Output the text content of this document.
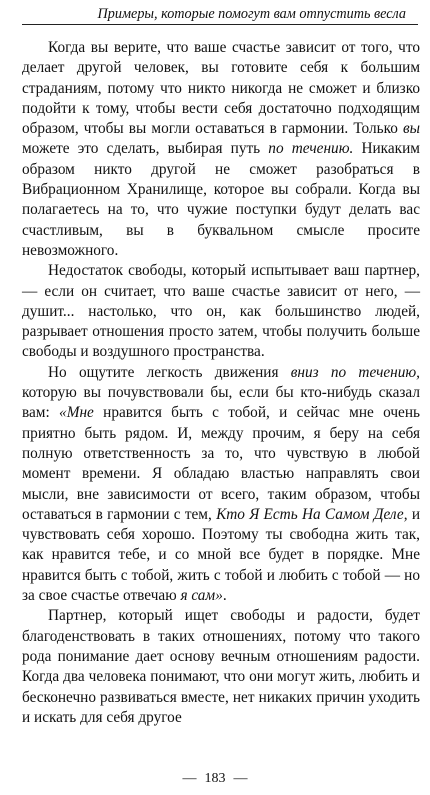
Примеры, которые помогут вам отпустить весла

Когда вы верите, что ваше счастье зависит от того, что делает другой человек, вы готовите себя к большим страданиям, потому что никто никогда не сможет и близко подойти к тому, чтобы вести себя достаточно подходящим образом, чтобы вы могли оставаться в гармонии. Только вы можете это сделать, выбирая путь по течению. Никаким образом никто другой не сможет разобраться в Вибрационном Хранилище, которое вы собрали. Когда вы полагаетесь на то, что чужие поступки будут делать вас счастливым, вы в буквальном смысле просите невозможного.

Недостаток свободы, который испытывает ваш партнер, — если он считает, что ваше счастье зависит от него, — душит... настолько, что он, как большинство людей, разрывает отношения просто затем, чтобы получить больше свободы и воздушного пространства.

Но ощутите легкость движения вниз по течению, которую вы почувствовали бы, если бы кто-нибудь сказал вам: «Мне нравится быть с тобой, и сейчас мне очень приятно быть рядом. И, между прочим, я беру на себя полную ответственность за то, что чувствую в любой момент времени. Я обладаю властью направлять свои мысли, вне зависимости от всего, таким образом, чтобы оставаться в гармонии с тем, Кто Я Есть На Самом Деле, и чувствовать себя хорошо. Поэтому ты свободна жить так, как нравится тебе, и со мной все будет в порядке. Мне нравится быть с тобой, жить с тобой и любить с тобой — но за свое счастье отвечаю я сам».

Партнер, который ищет свободы и радости, будет благоденствовать в таких отношениях, потому что такого рода понимание дает основу вечным отношениям радости. Когда два человека понимают, что они могут жить, любить и бесконечно развиваться вместе, нет никаких причин уходить и искать для себя другое

— 183 —
